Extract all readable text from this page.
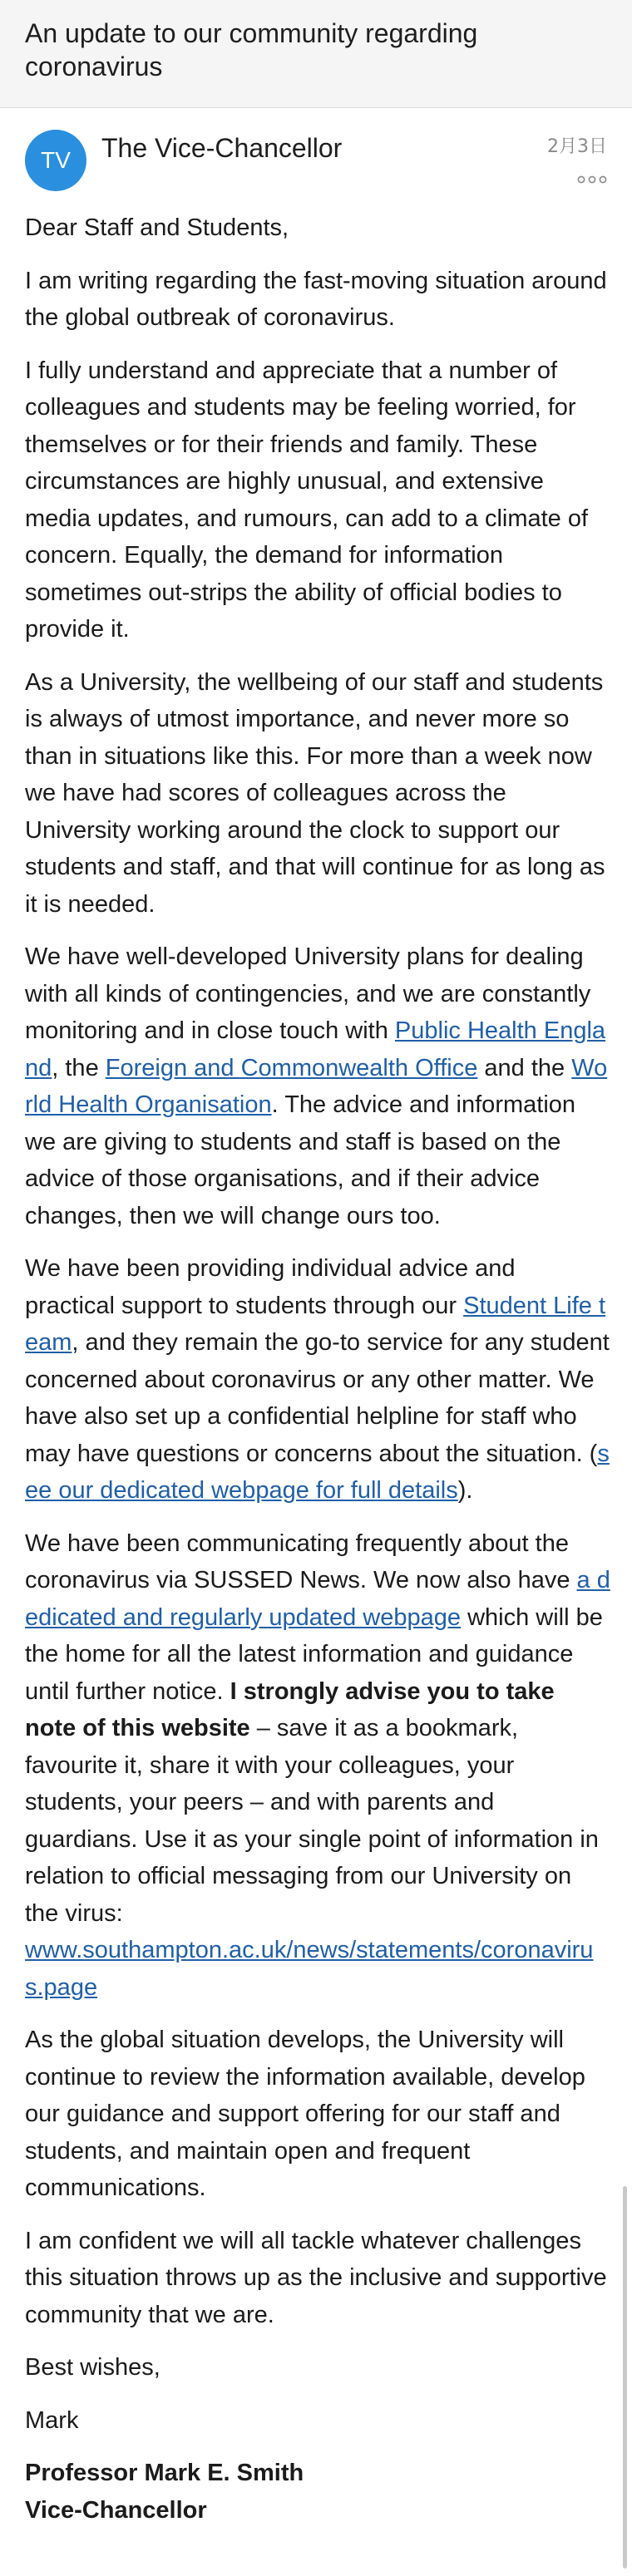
An update to our community regarding coronavirus
TV	The Vice-Chancellor	2月3日

Dear Staff and Students,

I am writing regarding the fast-moving situation around the global outbreak of coronavirus.

I fully understand and appreciate that a number of colleagues and students may be feeling worried, for themselves or for their friends and family. These circumstances are highly unusual, and extensive media updates, and rumours, can add to a climate of concern. Equally, the demand for information sometimes out-strips the ability of official bodies to provide it.

As a University, the wellbeing of our staff and students is always of utmost importance, and never more so than in situations like this. For more than a week now we have had scores of colleagues across the University working around the clock to support our students and staff, and that will continue for as long as it is needed.

We have well-developed University plans for dealing with all kinds of contingencies, and we are constantly monitoring and in close touch with Public Health England, the Foreign and Commonwealth Office and the World Health Organisation. The advice and information we are giving to students and staff is based on the advice of those organisations, and if their advice changes, then we will change ours too.

We have been providing individual advice and practical support to students through our Student Life team, and they remain the go-to service for any student concerned about coronavirus or any other matter. We have also set up a confidential helpline for staff who may have questions or concerns about the situation. (see our dedicated webpage for full details).

We have been communicating frequently about the coronavirus via SUSSED News. We now also have a dedicated and regularly updated webpage which will be the home for all the latest information and guidance until further notice. I strongly advise you to take note of this website – save it as a bookmark, favourite it, share it with your colleagues, your students, your peers – and with parents and guardians. Use it as your single point of information in relation to official messaging from our University on the virus:
www.southampton.ac.uk/news/statements/coronavirus.page

As the global situation develops, the University will continue to review the information available, develop our guidance and support offering for our staff and students, and maintain open and frequent communications.

I am confident we will all tackle whatever challenges this situation throws up as the inclusive and supportive community that we are.

Best wishes,

Mark

Professor Mark E. Smith

Vice-Chancellor
